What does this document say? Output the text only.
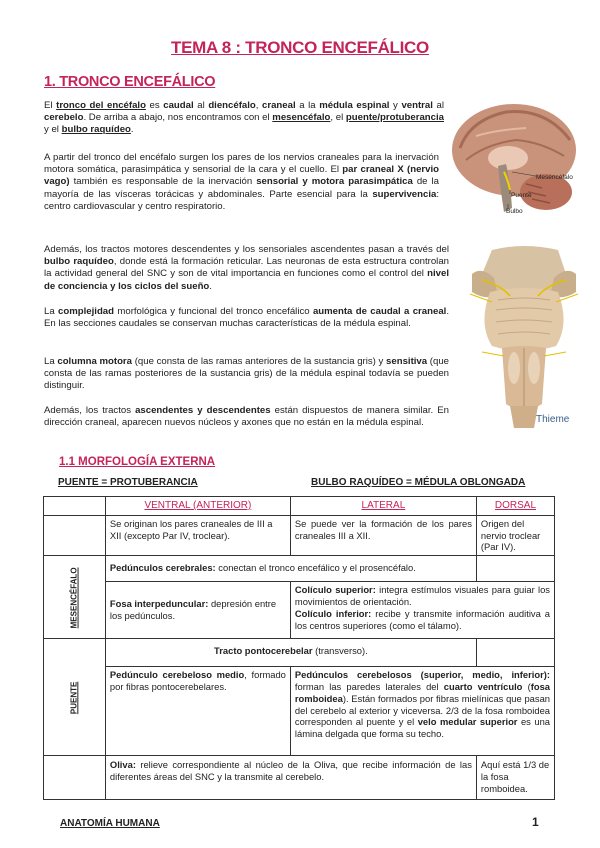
TEMA 8 : TRONCO ENCEFÁLICO
1. TRONCO ENCEFÁLICO
El tronco del encéfalo es caudal al diencéfalo, craneal a la médula espinal y ventral al cerebelo. De arriba a abajo, nos encontramos con el mesencéfalo, el puente/protuberancia y el bulbo raquídeo.
A partir del tronco del encéfalo surgen los pares de los nervios craneales para la inervación motora somática, parasimpática y sensorial de la cara y el cuello. El par craneal X (nervio vago) también es responsable de la inervación sensorial y motora parasimpática de la mayoría de las vísceras torácicas y abdominales. Parte esencial para la supervivencia: centro cardiovascular y centro respiratorio.
Además, los tractos motores descendentes y los sensoriales ascendentes pasan a través del bulbo raquídeo, donde está la formación reticular. Las neuronas de esta estructura controlan la actividad general del SNC y son de vital importancia en funciones como el control del nivel de conciencia y los ciclos del sueño.
La complejidad morfológica y funcional del tronco encefálico aumenta de caudal a craneal. En las secciones caudales se conservan muchas características de la médula espinal.
La columna motora (que consta de las ramas anteriores de la sustancia gris) y sensitiva (que consta de las ramas posteriores de la sustancia gris) de la médula espinal todavía se pueden distinguir.
Además, los tractos ascendentes y descendentes están dispuestos de manera similar. En dirección craneal, aparecen nuevos núcleos y axones que no están en la médula espinal.
Mesencéfalo
Puente
Bulbo
Thieme
1.1 MORFOLOGÍA EXTERNA
PUENTE = PROTUBERANCIA	BULBO RAQUÍDEO = MÉDULA OBLONGADA
	VENTRAL (ANTERIOR)	LATERAL	DORSAL
	Se originan los pares craneales de III a XII (excepto Par IV, troclear).	Se puede ver la formación de los pares craneales III a XII.	Origen del nervio troclear (Par IV).
MESENCÉFALO	Pedúnculos cerebrales: conectan el tronco encefálico y el prosencéfalo.		
	Fosa interpeduncular: depresión entre los pedúnculos.	Colículo superior: integra estímulos visuales para guiar los movimientos de orientación.
Colículo inferior: recibe y transmite información auditiva a los centros superiores (como el tálamo).	
PUENTE	Tracto pontocerebelar (transverso).		
	Pedúnculo cerebeloso medio, formado por fibras pontocerebelares.	Pedúnculos cerebelosos (superior, medio, inferior): forman las paredes laterales del cuarto ventrículo (fosa romboidea). Están formados por fibras mielínicas que pasan del cerebelo al exterior y viceversa. 2/3 de la fosa romboidea corresponden al puente y el velo medular superior es una lámina delgada que forma su techo.	
	Oliva: relieve correspondiente al núcleo de la Oliva, que recibe información de las diferentes áreas del SNC y la transmite al cerebelo.		Aquí está 1/3 de la fosa romboidea.
ANATOMÍA HUMANA	1
